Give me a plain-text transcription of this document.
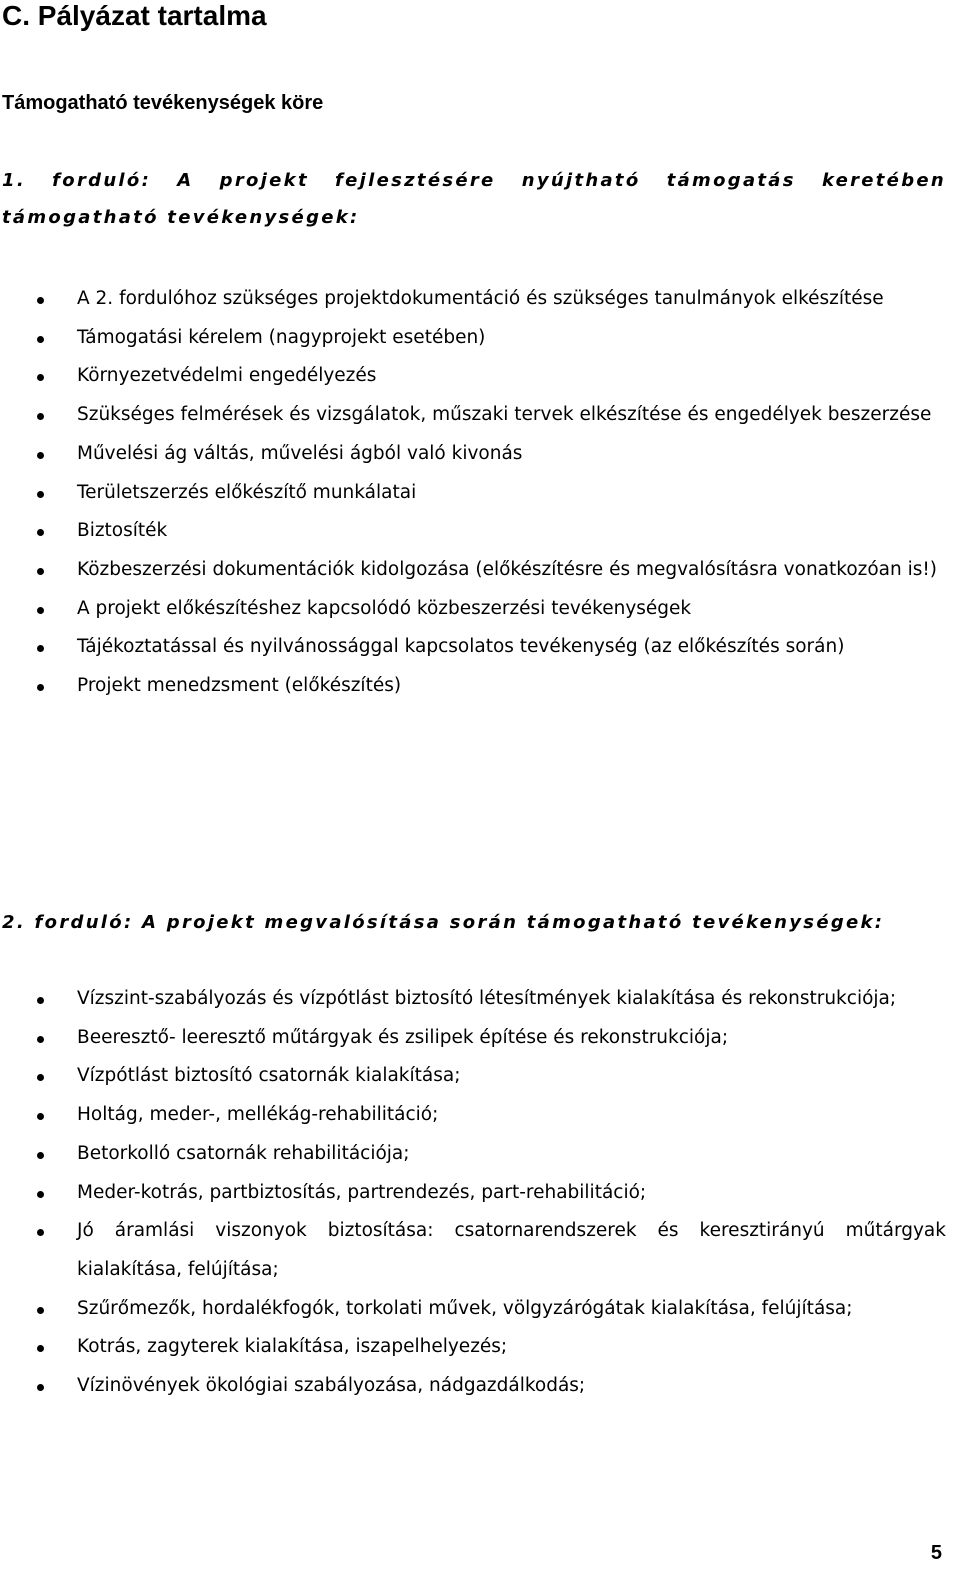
C. Pályázat tartalma
Támogatható tevékenységek köre

1. forduló: A projekt fejlesztésére nyújtható támogatás keretében támogatható tevékenységek:

A 2. fordulóhoz szükséges projektdokumentáció és szükséges tanulmányok elkészítése
Támogatási kérelem (nagyprojekt esetében)
Környezetvédelmi engedélyezés
Szükséges felmérések és vizsgálatok, műszaki tervek elkészítése és engedélyek beszerzése
Művelési ág váltás, művelési ágból való kivonás
Területszerzés előkészítő munkálatai
Biztosíték
Közbeszerzési dokumentációk kidolgozása (előkészítésre és megvalósításra vonatkozóan is!)
A projekt előkészítéshez kapcsolódó közbeszerzési tevékenységek
Tájékoztatással és nyilvánossággal kapcsolatos tevékenység (az előkészítés során)
Projekt menedzsment (előkészítés)

2. forduló: A projekt megvalósítása során támogatható tevékenységek:

Vízszint-szabályozás és vízpótlást biztosító létesítmények kialakítása és rekonstrukciója;
Beeresztő- leeresztő műtárgyak és zsilipek építése és rekonstrukciója;
Vízpótlást biztosító csatornák kialakítása;
Holtág, meder-, mellékág-rehabilitáció;
Betorkolló csatornák rehabilitációja;
Meder-kotrás, partbiztosítás, partrendezés, part-rehabilitáció;
Jó áramlási viszonyok biztosítása: csatornarendszerek és keresztirányú műtárgyak kialakítása, felújítása;
Szűrőmezők, hordalékfogók, torkolati művek, völgyzárógátak kialakítása, felújítása;
Kotrás, zagyterek kialakítása, iszapelhelyezés;
Vízinövények ökológiai szabályozása, nádgazdálkodás;
5
